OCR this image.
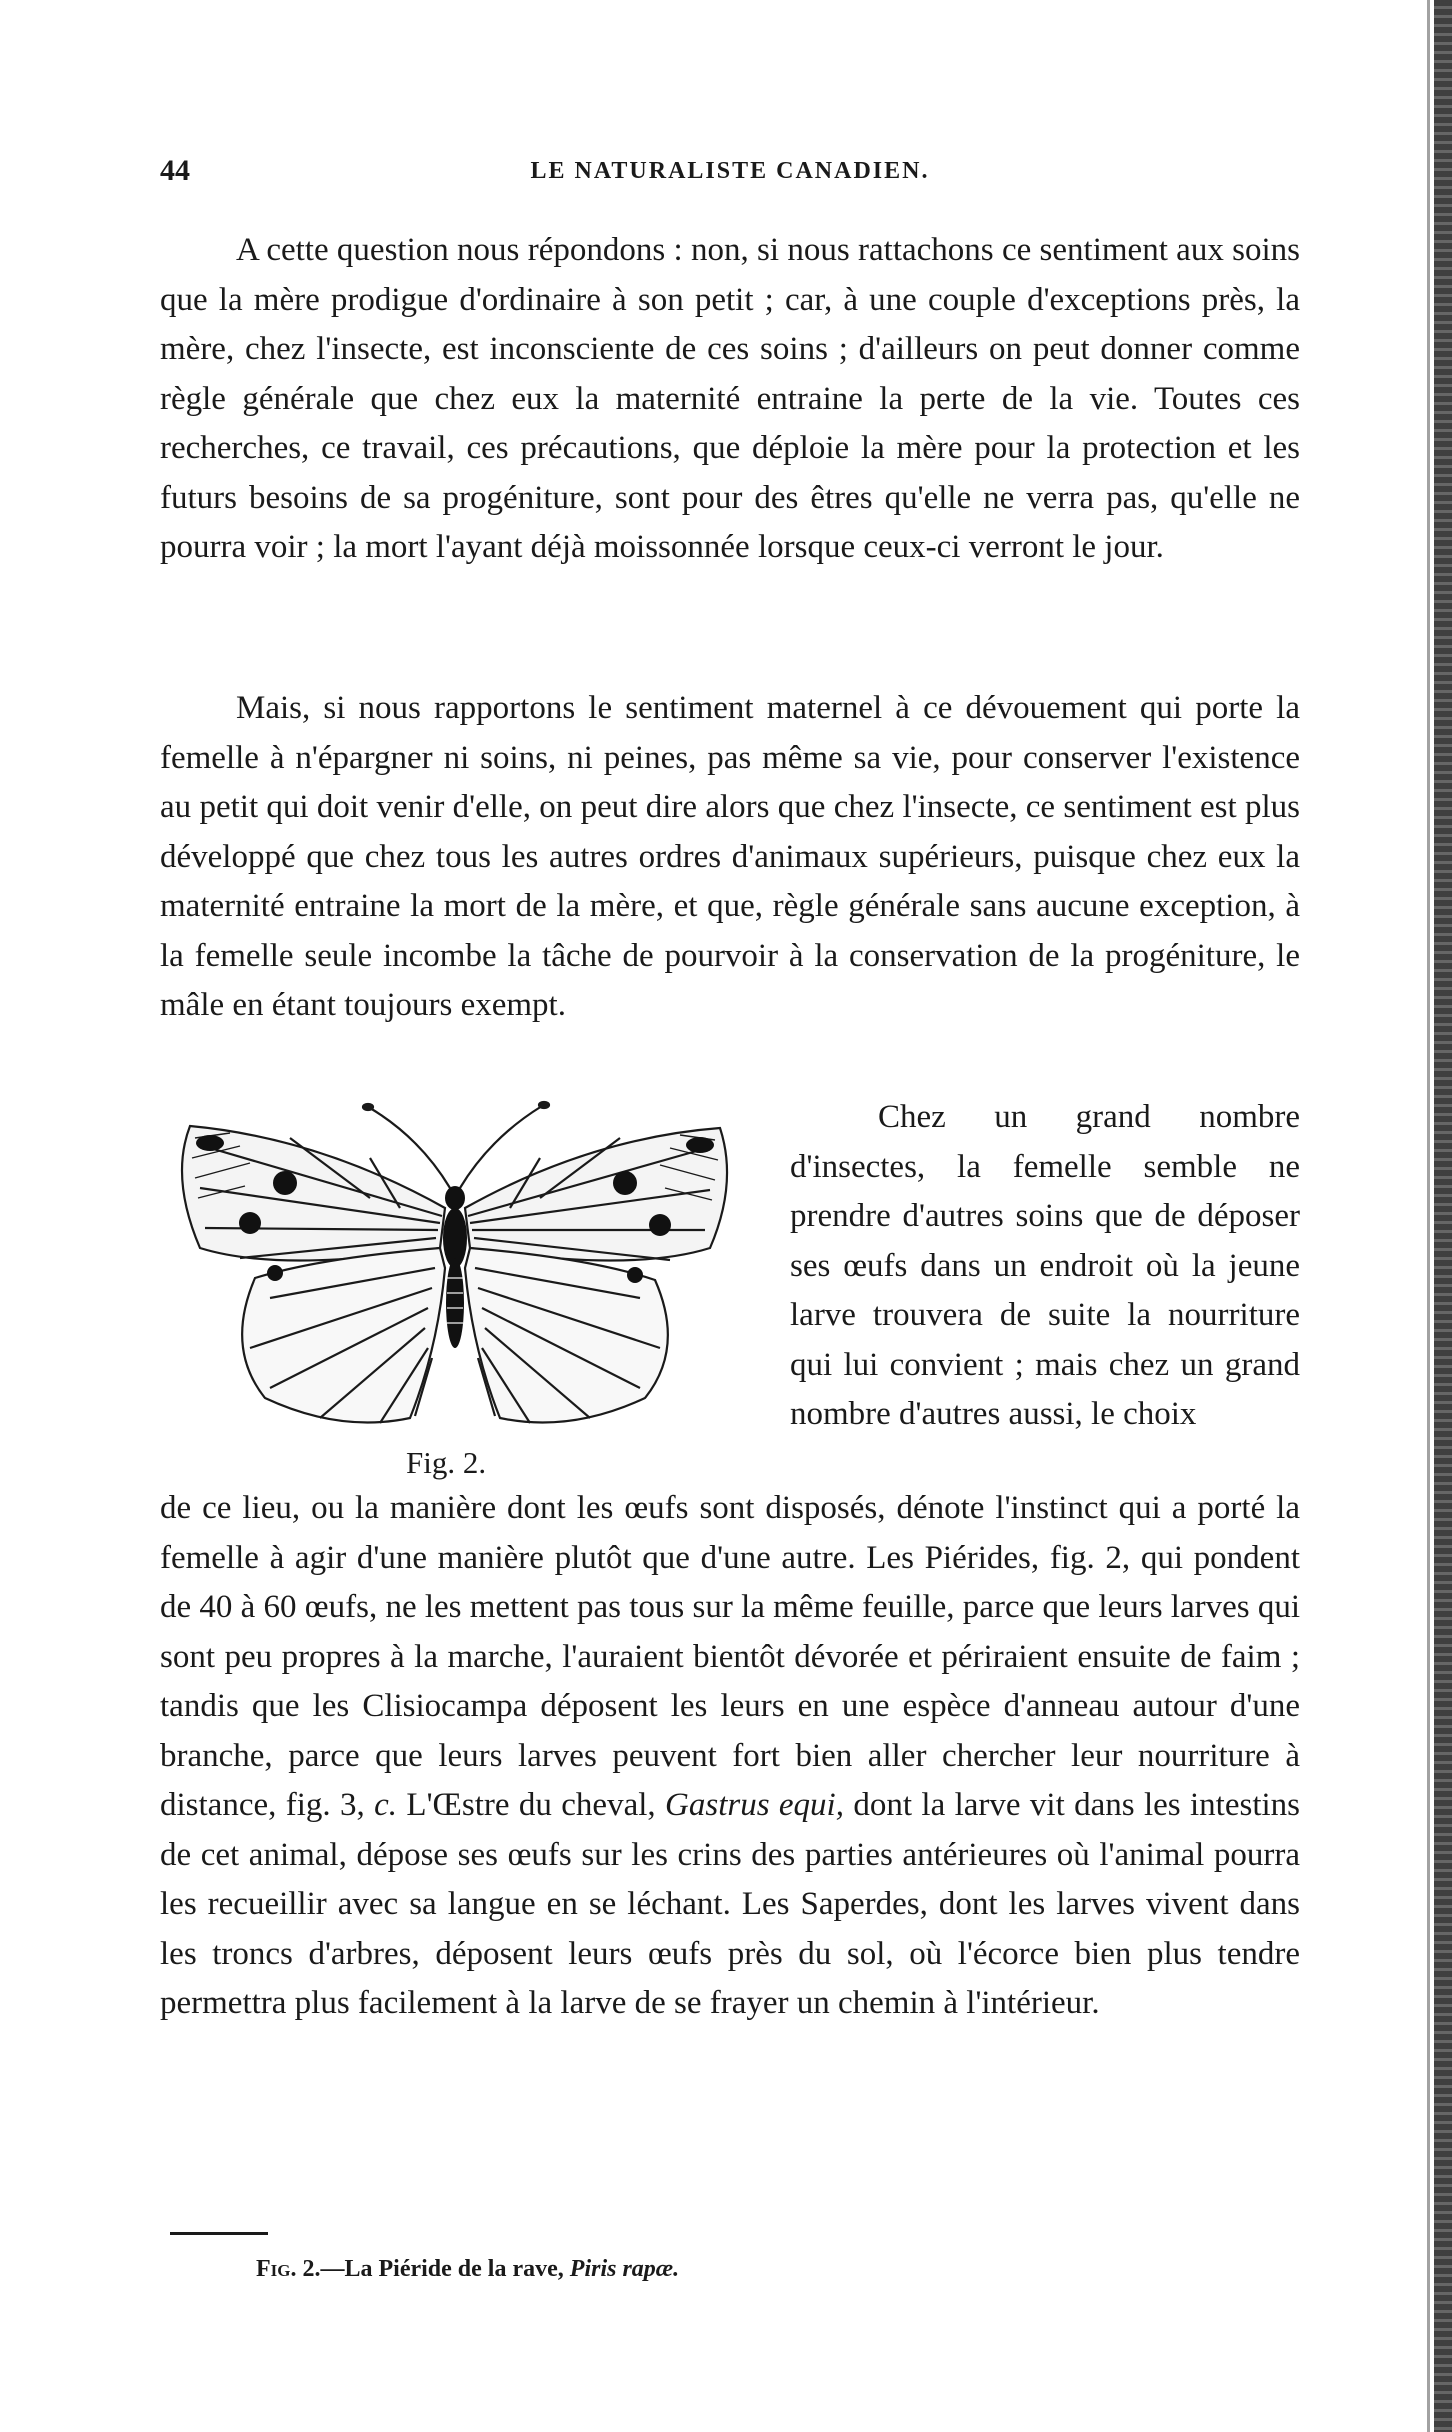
44	LE NATURALISTE CANADIEN.

A cette question nous répondons : non, si nous rattachons ce sentiment aux soins que la mère prodigue d'ordinaire à son petit ; car, à une couple d'exceptions près, la mère, chez l'insecte, est inconsciente de ces soins ; d'ailleurs on peut donner comme règle générale que chez eux la maternité entraine la perte de la vie. Toutes ces recherches, ce travail, ces précautions, que déploie la mère pour la protection et les futurs besoins de sa progéniture, sont pour des êtres qu'elle ne verra pas, qu'elle ne pourra voir ; la mort l'ayant déjà moissonnée lorsque ceux-ci verront le jour.

Mais, si nous rapportons le sentiment maternel à ce dévouement qui porte la femelle à n'épargner ni soins, ni peines, pas même sa vie, pour conserver l'existence au petit qui doit venir d'elle, on peut dire alors que chez l'insecte, ce sentiment est plus développé que chez tous les autres ordres d'animaux supérieurs, puisque chez eux la maternité entraine la mort de la mère, et que, règle générale sans aucune exception, à la femelle seule incombe la tâche de pourvoir à la conservation de la progéniture, le mâle en étant toujours exempt.

Fig. 2.

Chez un grand nombre d'insectes, la femelle semble ne prendre d'autres soins que de déposer ses œufs dans un endroit où la jeune larve trouvera de suite la nourriture qui lui convient ; mais chez un grand nombre d'autres aussi, le choix

de ce lieu, ou la manière dont les œufs sont disposés, dénote l'instinct qui a porté la femelle à agir d'une manière plutôt que d'une autre. Les Piérides, fig. 2, qui pondent de 40 à 60 œufs, ne les mettent pas tous sur la même feuille, parce que leurs larves qui sont peu propres à la marche, l'auraient bientôt dévorée et périraient ensuite de faim ; tandis que les Clisiocampa déposent les leurs en une espèce d'anneau autour d'une branche, parce que leurs larves peuvent fort bien aller chercher leur nourriture à distance, fig. 3, c. L'Œstre du cheval, Gastrus equi, dont la larve vit dans les intestins de cet animal, dépose ses œufs sur les crins des parties antérieures où l'animal pourra les recueillir avec sa langue en se léchant. Les Saperdes, dont les larves vivent dans les troncs d'arbres, déposent leurs œufs près du sol, où l'écorce bien plus tendre permettra plus facilement à la larve de se frayer un chemin à l'intérieur.

Fig. 2.—La Piéride de la rave, Piris rapæ.
